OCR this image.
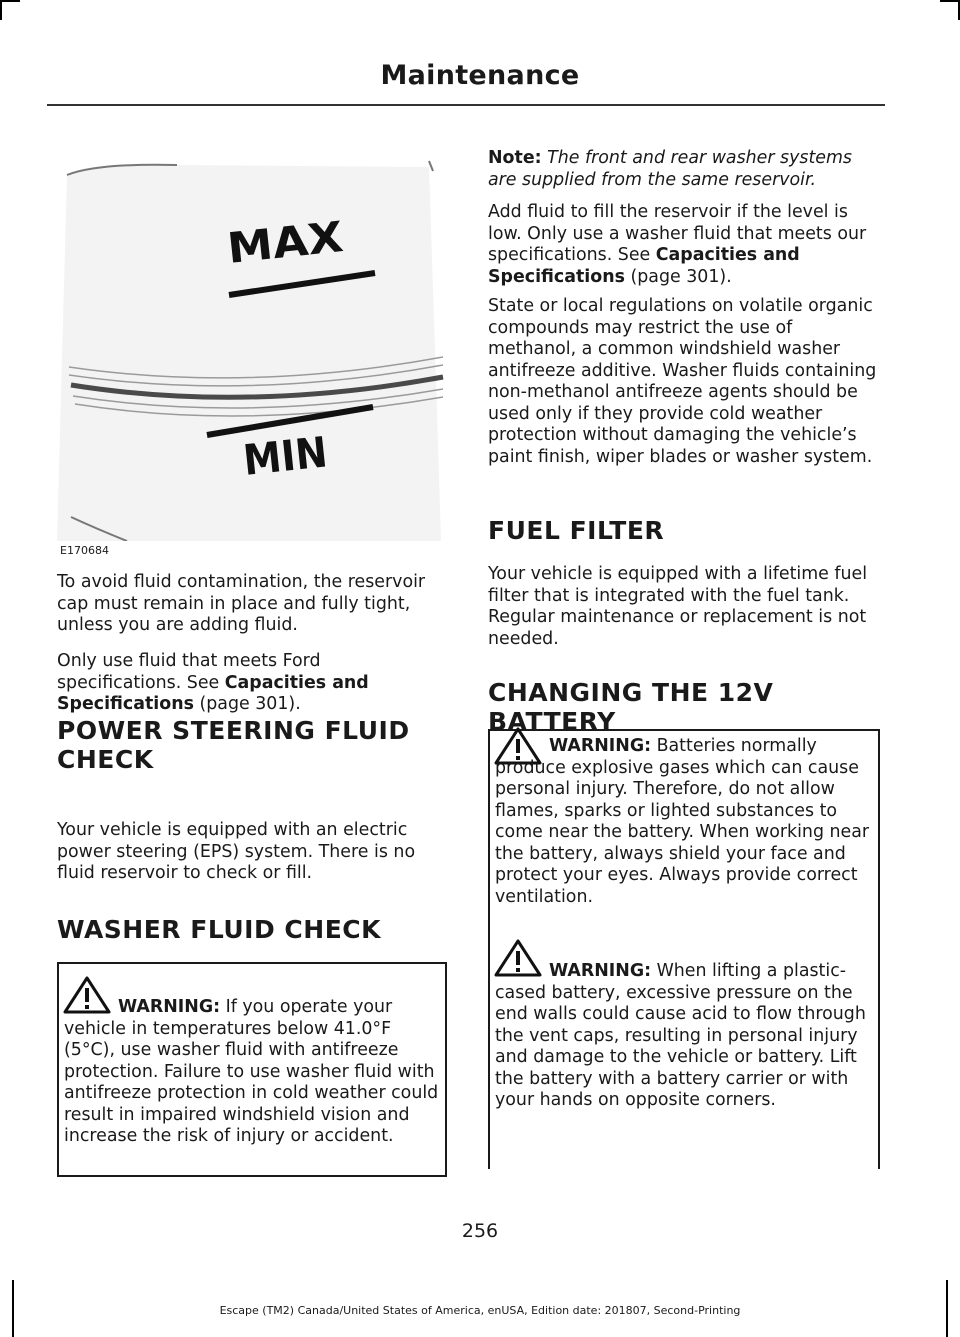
Maintenance
MAX
MIN
E170684

To avoid fluid contamination, the reservoir cap must remain in place and fully tight, unless you are adding fluid.

Only use fluid that meets Ford specifications. See Capacities and Specifications (page 301).

POWER STEERING FLUID
CHECK

Your vehicle is equipped with an electric power steering (EPS) system. There is no fluid reservoir to check or fill.

WASHER FLUID CHECK

WARNING: If you operate your vehicle in temperatures below 41.0°F (5°C), use washer fluid with antifreeze protection. Failure to use washer fluid with antifreeze protection in cold weather could result in impaired windshield vision and increase the risk of injury or accident.

Note: The front and rear washer systems are supplied from the same reservoir.

Add fluid to fill the reservoir if the level is low. Only use a washer fluid that meets our specifications. See Capacities and Specifications (page 301).

State or local regulations on volatile organic compounds may restrict the use of methanol, a common windshield washer antifreeze additive. Washer fluids containing non-methanol antifreeze agents should be used only if they provide cold weather protection without damaging the vehicle’s paint finish, wiper blades or washer system.

FUEL FILTER

Your vehicle is equipped with a lifetime fuel filter that is integrated with the fuel tank. Regular maintenance or replacement is not needed.

CHANGING THE 12V BATTERY

WARNING: Batteries normally produce explosive gases which can cause personal injury. Therefore, do not allow flames, sparks or lighted substances to come near the battery. When working near the battery, always shield your face and protect your eyes. Always provide correct ventilation.

WARNING: When lifting a plastic-cased battery, excessive pressure on the end walls could cause acid to flow through the vent caps, resulting in personal injury and damage to the vehicle or battery. Lift the battery with a battery carrier or with your hands on opposite corners.

256
Escape (TM2) Canada/United States of America, enUSA, Edition date: 201807, Second-Printing
